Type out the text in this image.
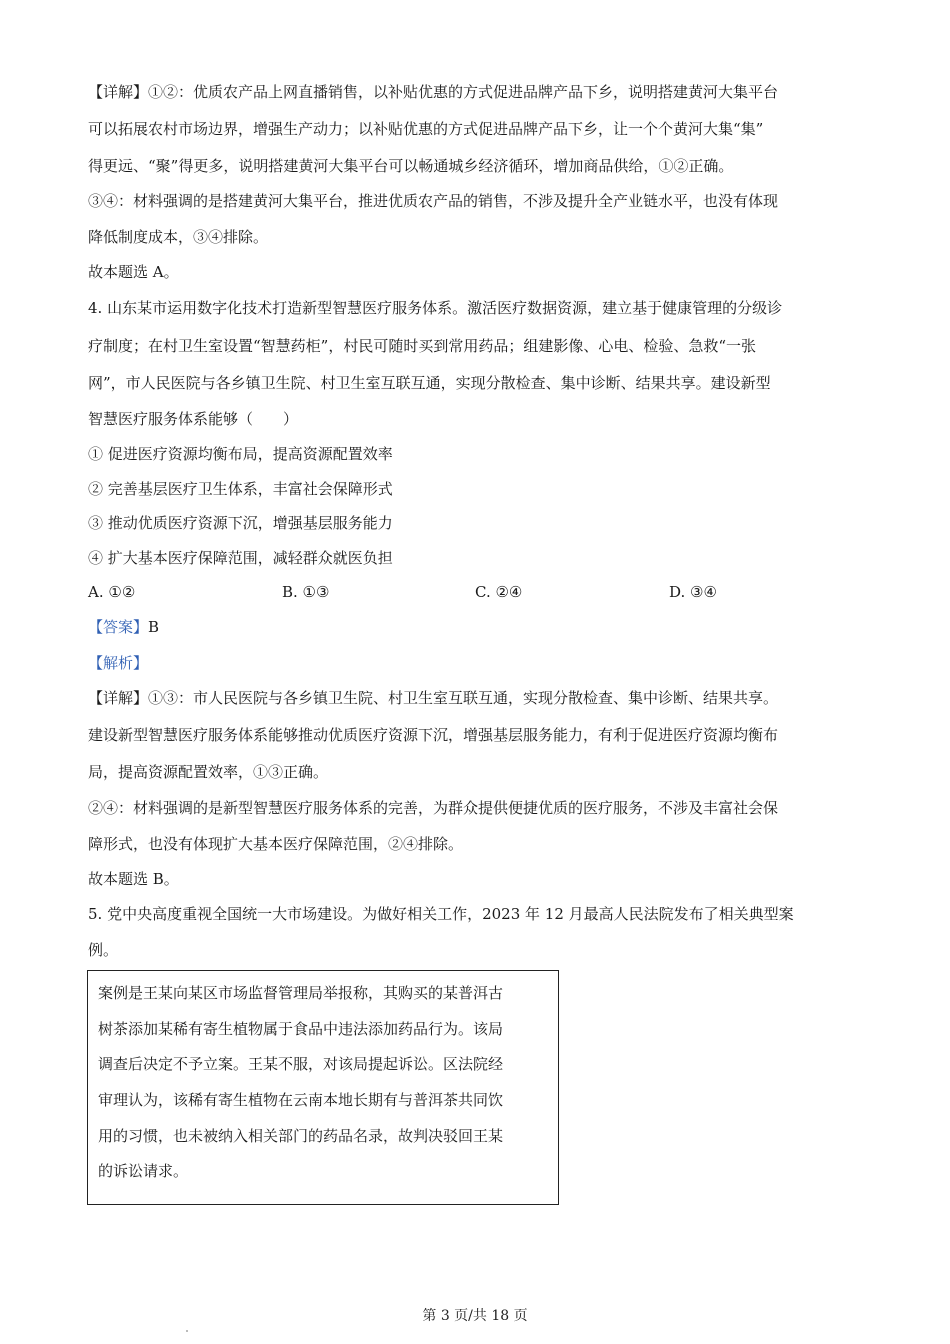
【详解】①②：优质农产品上网直播销售，以补贴优惠的方式促进品牌产品下乡，说明搭建黄河大集平台
可以拓展农村市场边界，增强生产动力；以补贴优惠的方式促进品牌产品下乡，让一个个黄河大集“集”
得更远、“聚”得更多，说明搭建黄河大集平台可以畅通城乡经济循环，增加商品供给，①②正确。
③④：材料强调的是搭建黄河大集平台，推进优质农产品的销售，不涉及提升全产业链水平，也没有体现
降低制度成本，③④排除。
故本题选 A。
4. 山东某市运用数字化技术打造新型智慧医疗服务体系。激活医疗数据资源，建立基于健康管理的分级诊
疗制度；在村卫生室设置“智慧药柜”，村民可随时买到常用药品；组建影像、心电、检验、急救“一张
网”，市人民医院与各乡镇卫生院、村卫生室互联互通，实现分散检查、集中诊断、结果共享。建设新型
智慧医疗服务体系能够（　　）
① 促进医疗资源均衡布局，提高资源配置效率
② 完善基层医疗卫生体系，丰富社会保障形式
③ 推动优质医疗资源下沉，增强基层服务能力
④ 扩大基本医疗保障范围，减轻群众就医负担
A. ①②	B. ①③	C. ②④	D. ③④
【答案】B
【解析】
【详解】①③：市人民医院与各乡镇卫生院、村卫生室互联互通，实现分散检查、集中诊断、结果共享。
建设新型智慧医疗服务体系能够推动优质医疗资源下沉，增强基层服务能力，有利于促进医疗资源均衡布
局，提高资源配置效率，①③正确。
②④：材料强调的是新型智慧医疗服务体系的完善，为群众提供便捷优质的医疗服务，不涉及丰富社会保
障形式，也没有体现扩大基本医疗保障范围，②④排除。
故本题选 B。
5. 党中央高度重视全国统一大市场建设。为做好相关工作，2023 年 12 月最高人民法院发布了相关典型案
例。
案例是王某向某区市场监督管理局举报称，其购买的某普洱古
树茶添加某稀有寄生植物属于食品中违法添加药品行为。该局
调查后决定不予立案。王某不服，对该局提起诉讼。区法院经
审理认为，该稀有寄生植物在云南本地长期有与普洱茶共同饮
用的习惯，也未被纳入相关部门的药品名录，故判决驳回王某
的诉讼请求。
第 3 页/共 18 页
